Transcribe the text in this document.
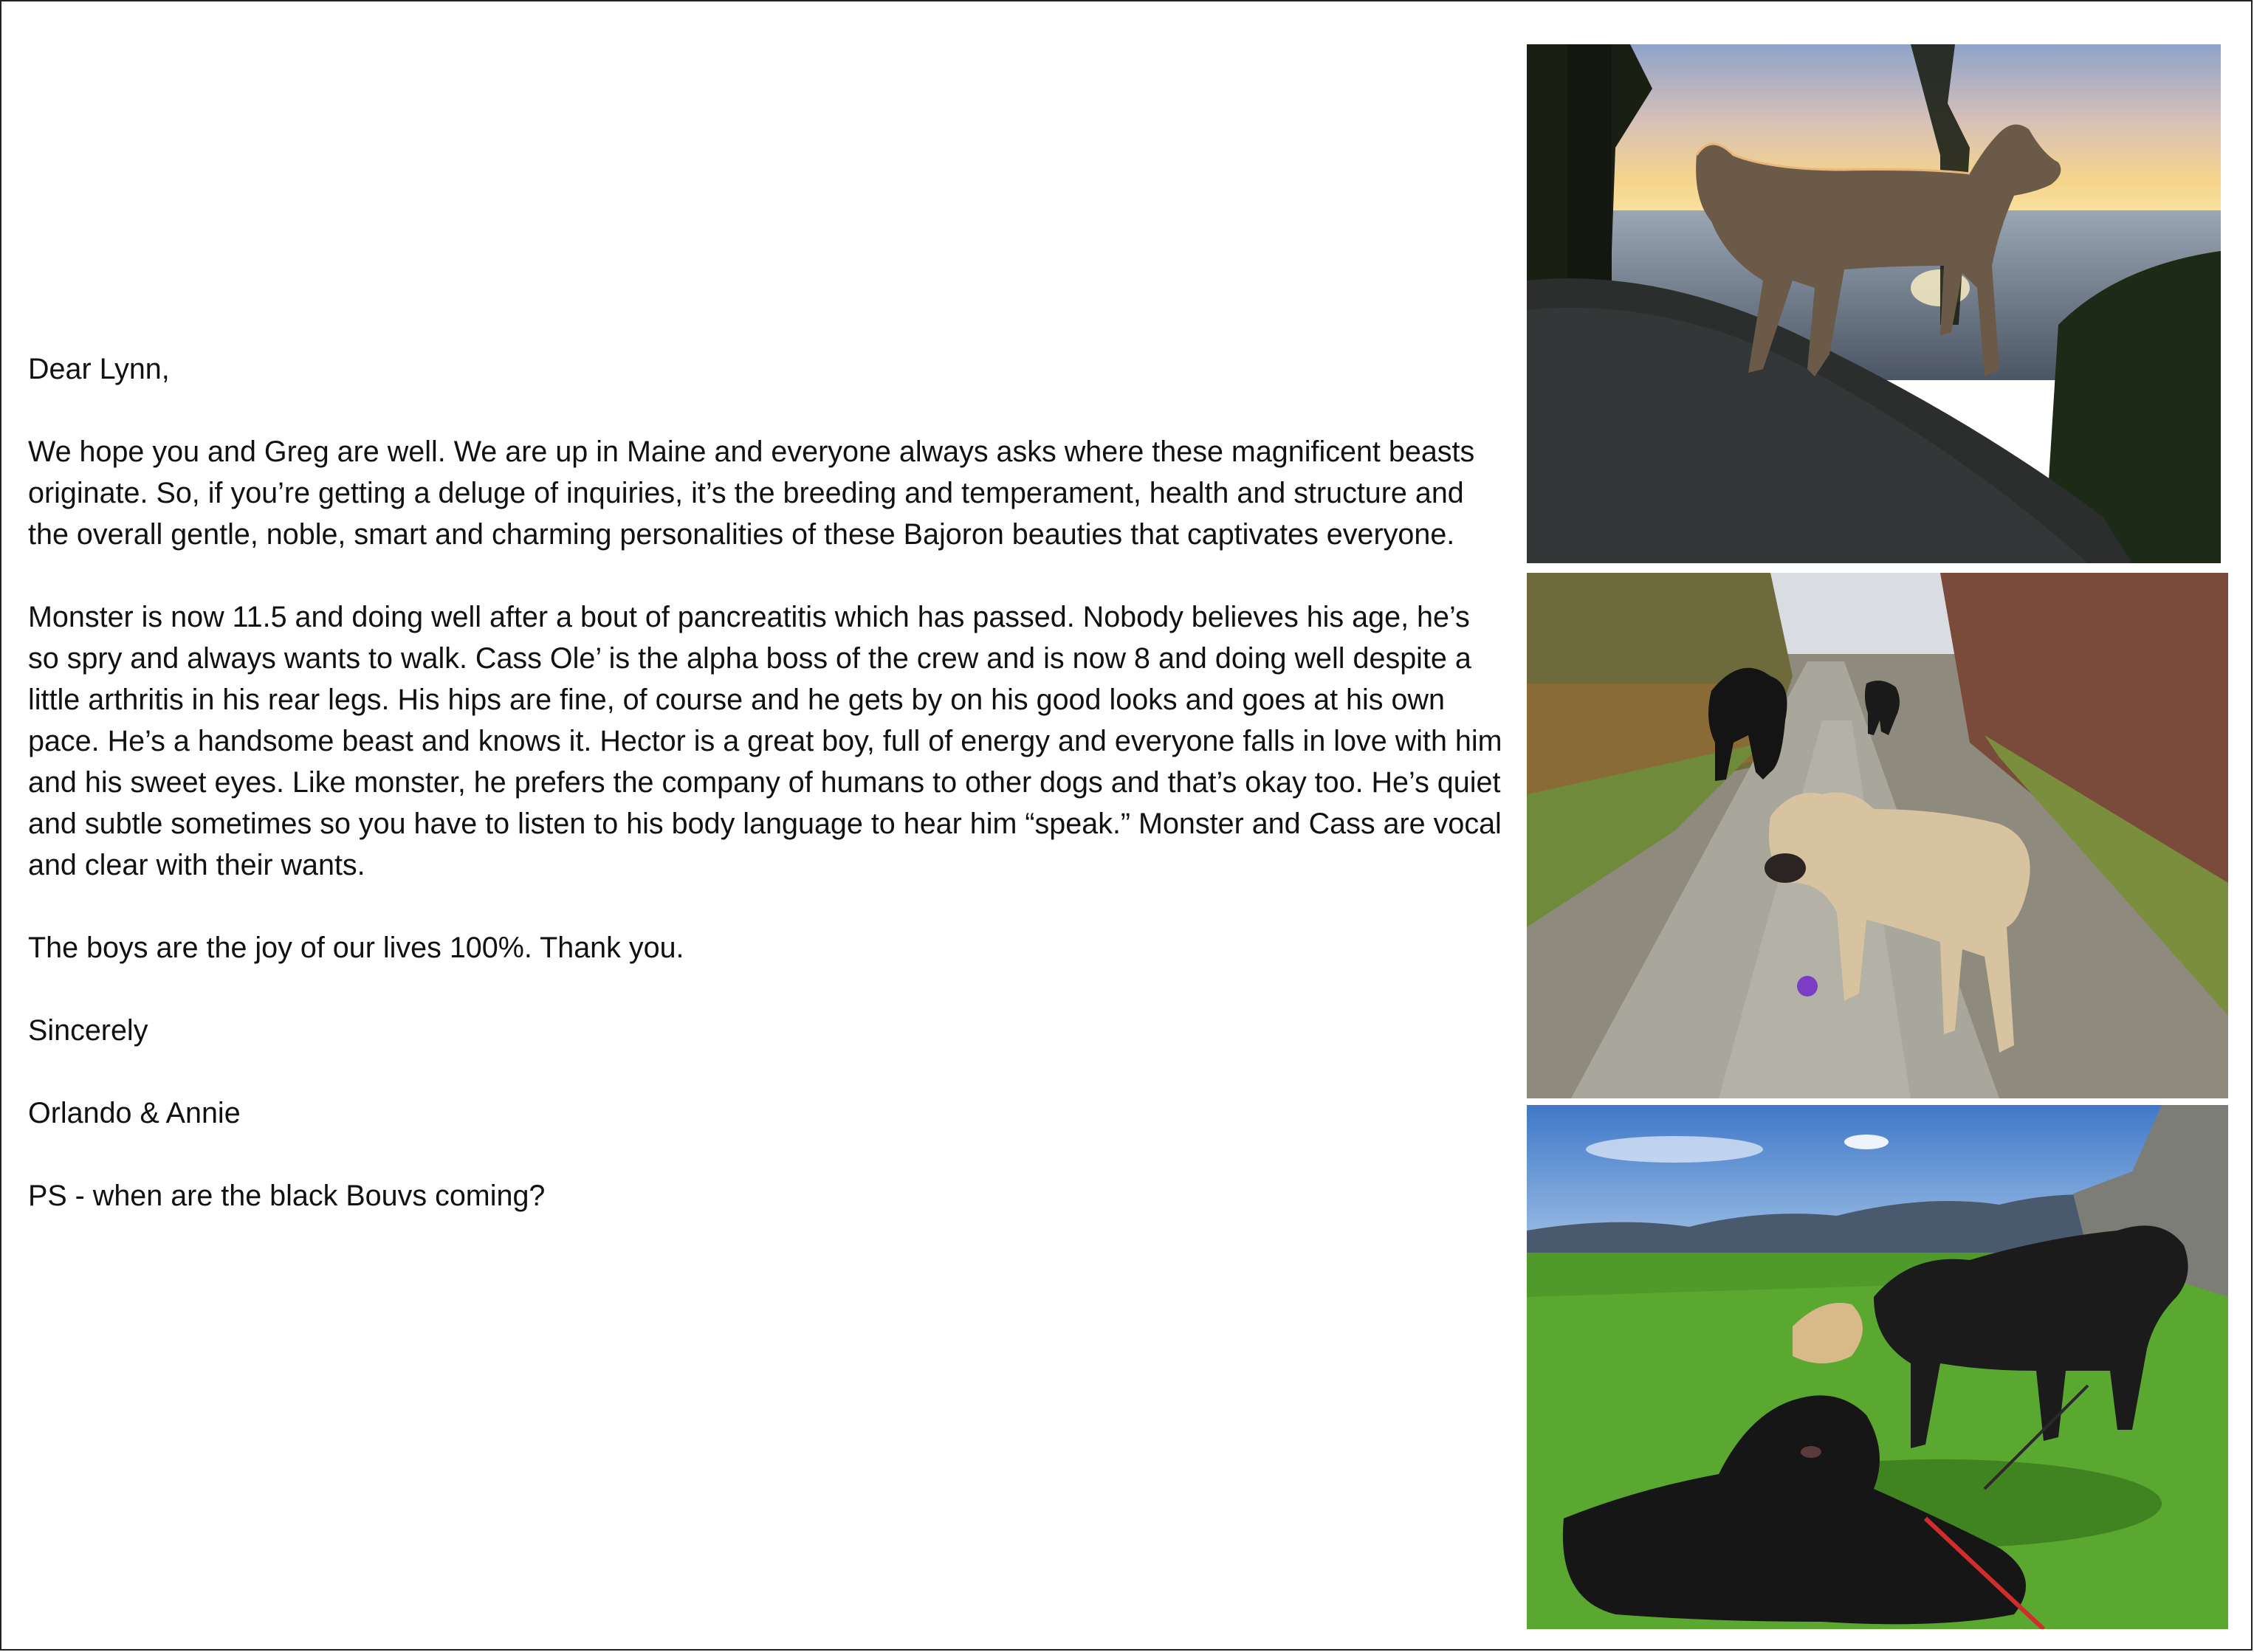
Dear Lynn,

We hope you and Greg are well. We are up in Maine and everyone always asks where these magnificent beasts originate. So, if you’re getting a deluge of inquiries, it’s the breeding and temperament, health and structure and the overall gentle, noble, smart and charming personalities of these Bajoron beauties that captivates everyone.

Monster is now 11.5 and doing well after a bout of pancreatitis which has passed. Nobody believes his age, he’s so spry and always wants to walk. Cass Ole’ is the alpha boss of the crew and is now 8 and doing well despite a little arthritis in his rear legs. His hips are fine, of course and he gets by on his good looks and goes at his own pace. He’s a handsome beast and knows it. Hector is a great boy, full of energy and everyone falls in love with him and his sweet eyes. Like monster, he prefers the company of humans to other dogs and that’s okay too. He’s quiet and subtle sometimes so you have to listen to his body language to hear him “speak.” Monster and Cass are vocal and clear with their wants.

The boys are the joy of our lives 100%. Thank you.

Sincerely

Orlando & Annie

PS - when are the black Bouvs coming?
